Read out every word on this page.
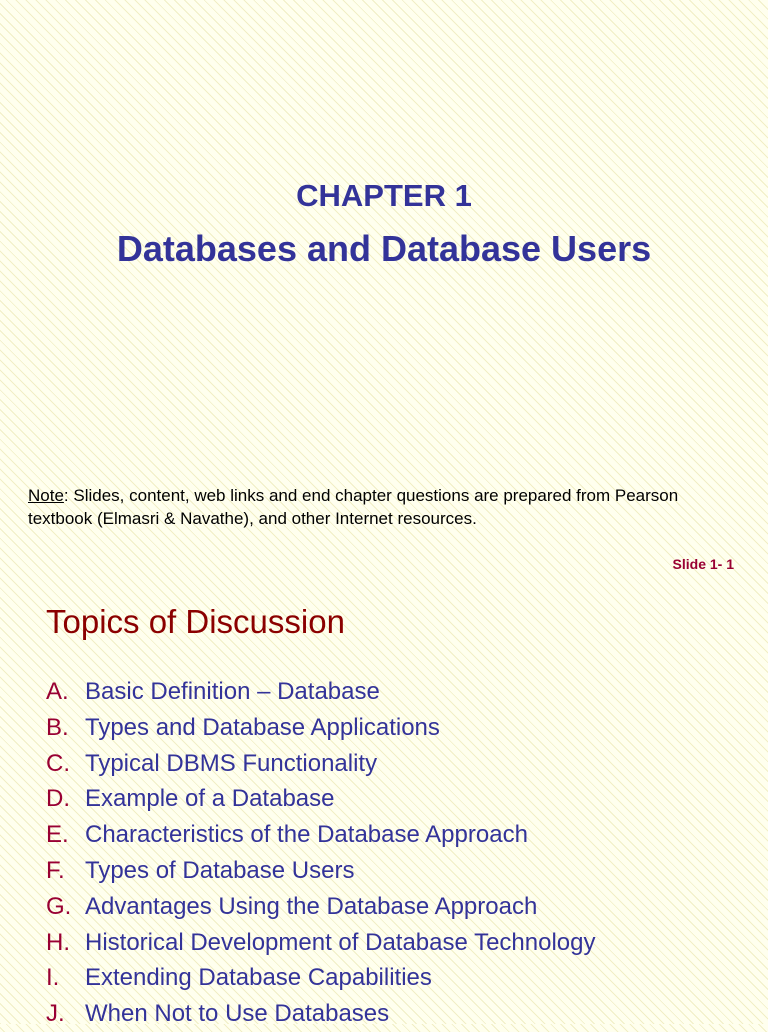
CHAPTER 1
Databases and Database Users

Note: Slides, content, web links and end chapter questions are prepared from Pearson textbook (Elmasri & Navathe), and other Internet resources.

Slide 1- 1
Topics of Discussion
A. Basic Definition – Database
B. Types and Database Applications
C. Typical DBMS Functionality
D. Example of a Database
E. Characteristics of the Database Approach
F. Types of Database Users
G. Advantages Using the Database Approach
H. Historical Development of Database Technology
I. Extending Database Capabilities
J. When Not to Use Databases
